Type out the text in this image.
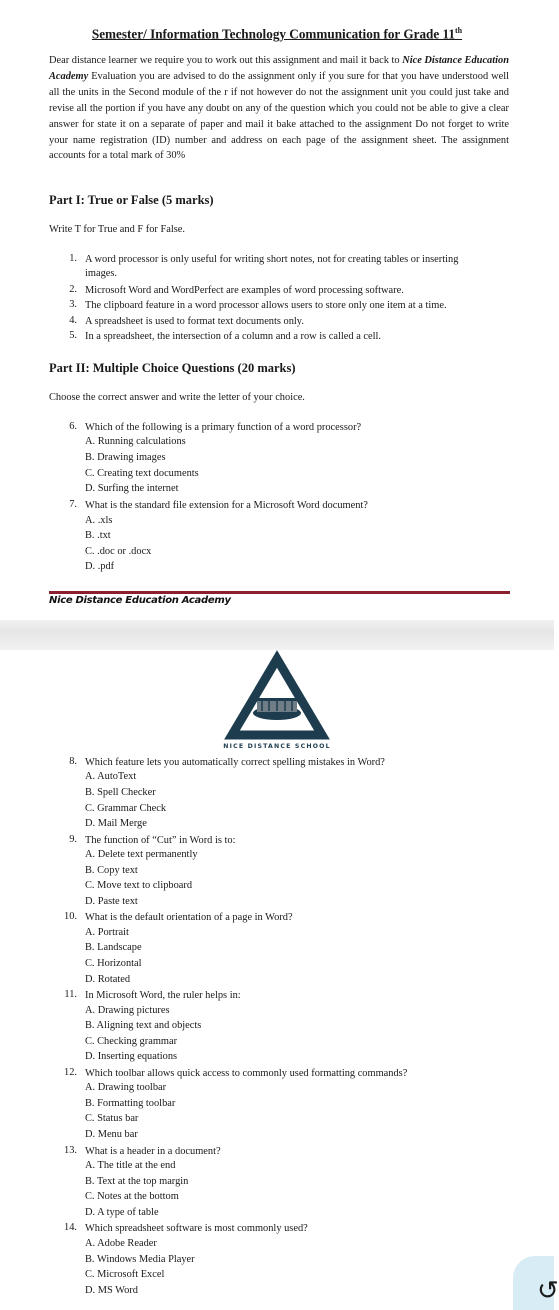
Semester/ Information Technology Communication for Grade 11th
Dear distance learner we require you to work out this assignment and mail it back to Nice Distance Education Academy Evaluation you are advised to do the assignment only if you sure for that you have understood well all the units in the Second module of the r if not however do not the assignment unit you could just take and revise all the portion if you have any doubt on any of the question which you could not be able to give a clear answer for state it on a separate of paper and mail it bake attached to the assignment Do not forget to write your name registration (ID) number and address on each page of the assignment sheet. The assignment accounts for a total mark of 30%
Part I: True or False (5 marks)
Write T for True and F for False.
1. A word processor is only useful for writing short notes, not for creating tables or inserting
images.
2. Microsoft Word and WordPerfect are examples of word processing software.
3. The clipboard feature in a word processor allows users to store only one item at a time.
4. A spreadsheet is used to format text documents only.
5. In a spreadsheet, the intersection of a column and a row is called a cell.
Part II: Multiple Choice Questions (20 marks)
Choose the correct answer and write the letter of your choice.
6. Which of the following is a primary function of a word processor?
A. Running calculations
B. Drawing images
C. Creating text documents
D. Surfing the internet
7. What is the standard file extension for a Microsoft Word document?
A. .xls
B. .txt
C. .doc or .docx
D. .pdf
Nice Distance Education Academy
NICE DISTANCE SCHOOL
8. Which feature lets you automatically correct spelling mistakes in Word?
A. AutoText
B. Spell Checker
C. Grammar Check
D. Mail Merge
9. The function of “Cut” in Word is to:
A. Delete text permanently
B. Copy text
C. Move text to clipboard
D. Paste text
10. What is the default orientation of a page in Word?
A. Portrait
B. Landscape
C. Horizontal
D. Rotated
11. In Microsoft Word, the ruler helps in:
A. Drawing pictures
B. Aligning text and objects
C. Checking grammar
D. Inserting equations
12. Which toolbar allows quick access to commonly used formatting commands?
A. Drawing toolbar
B. Formatting toolbar
C. Status bar
D. Menu bar
13. What is a header in a document?
A. The title at the end
B. Text at the top margin
C. Notes at the bottom
D. A type of table
14. Which spreadsheet software is most commonly used?
A. Adobe Reader
B. Windows Media Player
C. Microsoft Excel
D. MS Word	↺
